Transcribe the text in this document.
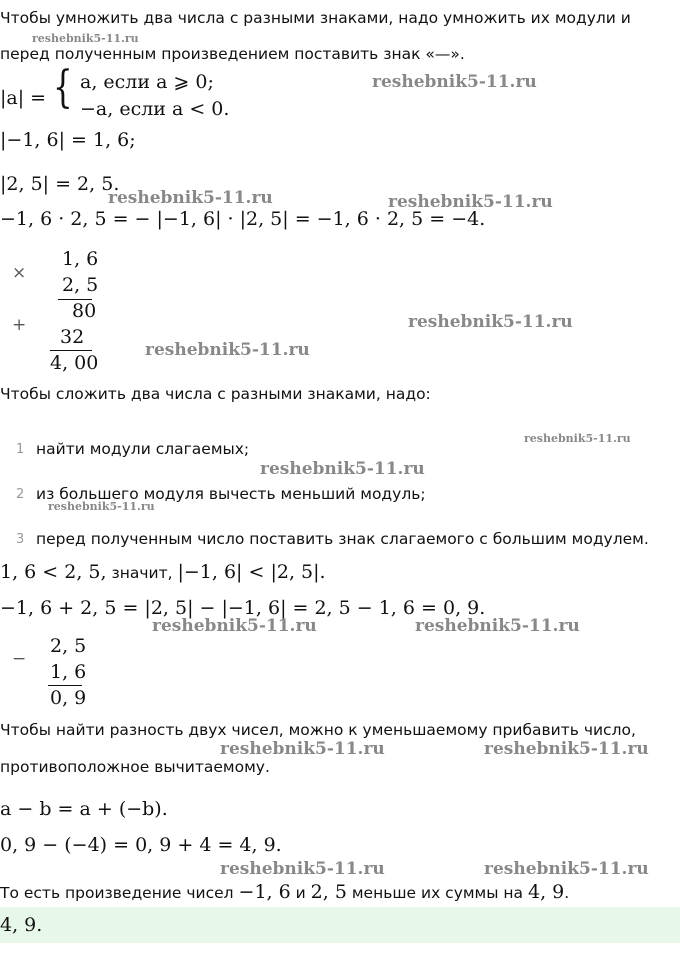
Чтобы умножить два числа с разными знаками, надо умножить их модули и
перед полученным произведением поставить знак «—».
|a| = { a, если a ⩾ 0;
−a, если a < 0.
|−1, 6| = 1, 6;
|2, 5| = 2, 5.
−1, 6 · 2, 5 = − |−1, 6| · |2, 5| = −1, 6 · 2, 5 = −4.
×
1, 6
2, 5
80
+
32
4, 00
Чтобы сложить два числа с разными знаками, надо:
1 найти модули слагаемых;
2 из большего модуля вычесть меньший модуль;
3 перед полученным число поставить знак слагаемого с большим модулем.
1, 6 < 2, 5, значит, |−1, 6| < |2, 5|.
−1, 6 + 2, 5 = |2, 5| − |−1, 6| = 2, 5 − 1, 6 = 0, 9.
−
2, 5
1, 6
0, 9
Чтобы найти разность двух чисел, можно к уменьшаемому прибавить число,
противоположное вычитаемому.
a − b = a + (−b).
0, 9 − (−4) = 0, 9 + 4 = 4, 9.
То есть произведение чисел −1, 6 и 2, 5 меньше их суммы на 4, 9.
4, 9.
reshebnik5-11.ru
reshebnik5-11.ru
reshebnik5-11.ru	reshebnik5-11.ru
reshebnik5-11.ru
reshebnik5-11.ru
reshebnik5-11.ru
reshebnik5-11.ru
reshebnik5-11.ru
reshebnik5-11.ru	reshebnik5-11.ru
reshebnik5-11.ru	reshebnik5-11.ru
reshebnik5-11.ru	reshebnik5-11.ru
